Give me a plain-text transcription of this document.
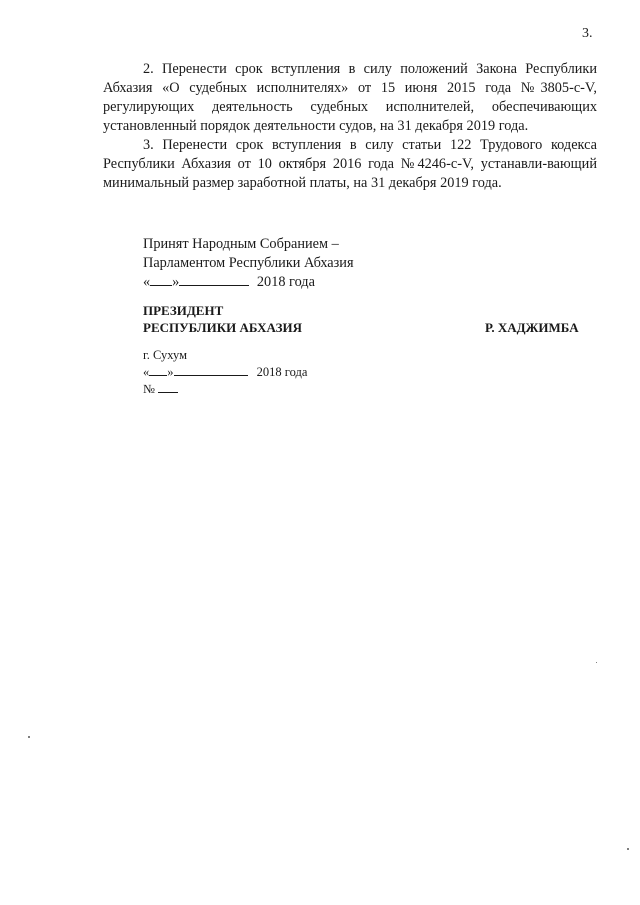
3.

2. Перенести срок вступления в силу положений Закона Республики Абхазия «О судебных исполнителях» от 15 июня 2015 года №3805-с-V, регулирующих деятельность судебных исполнителей, обеспечивающих установленный порядок деятельности судов, на 31 декабря 2019 года.

3. Перенести срок вступления в силу статьи 122 Трудового кодекса Республики Абхазия от 10 октября 2016 года №4246-с-V, устанавли-вающий минимальный размер заработной платы, на 31 декабря 2019 года.

Принят Народным Собранием –
Парламентом Республики Абхазия
« »	2018 года
ПРЕЗИДЕНТ
РЕСПУБЛИКИ АБХАЗИЯ	Р. ХАДЖИМБА
г. Сухум
« »	2018 года
№
